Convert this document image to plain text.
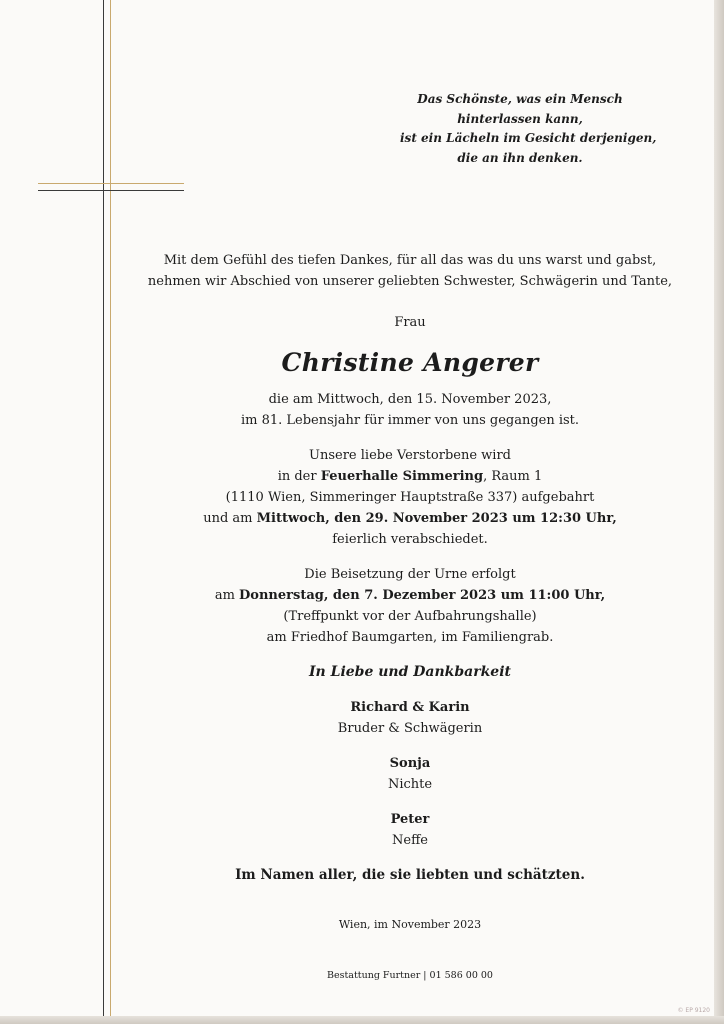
Das Schönste, was ein Mensch
hinterlassen kann,
ist ein Lächeln im Gesicht derjenigen,
die an ihn denken.
Mit dem Gefühl des tiefen Dankes, für all das was du uns warst und gabst,
nehmen wir Abschied von unserer geliebten Schwester, Schwägerin und Tante,
Frau
Christine Angerer
die am Mittwoch, den 15. November 2023,
im 81. Lebensjahr für immer von uns gegangen ist.
Unsere liebe Verstorbene wird
in der Feuerhalle Simmering, Raum 1
(1110 Wien, Simmeringer Hauptstraße 337) aufgebahrt
und am Mittwoch, den 29. November 2023 um 12:30 Uhr,
feierlich verabschiedet.
Die Beisetzung der Urne erfolgt
am Donnerstag, den 7. Dezember 2023 um 11:00 Uhr,
(Treffpunkt vor der Aufbahrungshalle)
am Friedhof Baumgarten, im Familiengrab.
In Liebe und Dankbarkeit
Richard & Karin
Bruder & Schwägerin
Sonja
Nichte
Peter
Neffe
Im Namen aller, die sie liebten und schätzten.
Wien, im November 2023
Bestattung Furtner | 01 586 00 00
© EP 9120
